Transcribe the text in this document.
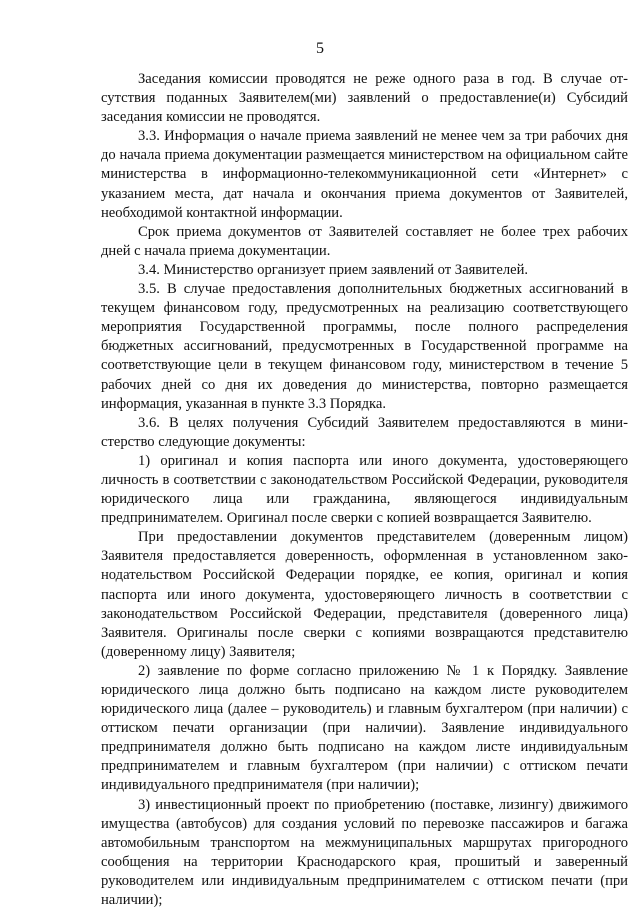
5

Заседания комиссии проводятся не реже одного раза в год. В случае отсутствия поданных Заявителем(ми) заявлений о предоставление(и) Субсидий заседания комиссии не проводятся.

3.3. Информация о начале приема заявлений не менее чем за три рабочих дня до начала приема документации размещается министерством на официальном сайте министерства в информационно-телекоммуникационной сети «Интернет» с указанием места, дат начала и окончания приема документов от Заявителей, необходимой контактной информации.

Срок приема документов от Заявителей составляет не более трех рабочих дней с начала приема документации.

3.4. Министерство организует прием заявлений от Заявителей.

3.5. В случае предоставления дополнительных бюджетных ассигнований в текущем финансовом году, предусмотренных на реализацию соответствующего мероприятия Государственной программы, после полного распределения бюджетных ассигнований, предусмотренных в Государственной программе на соответствующие цели в текущем финансовом году, министерством в течение 5 рабочих дней со дня их доведения до министерства, повторно размещается информация, указанная в пункте 3.3 Порядка.

3.6. В целях получения Субсидий Заявителем предоставляются в министерство следующие документы:

1) оригинал и копия паспорта или иного документа, удостоверяющего личность в соответствии с законодательством Российской Федерации, руководителя юридического лица или гражданина, являющегося индивидуальным предпринимателем. Оригинал после сверки с копией возвращается Заявителю.

При предоставлении документов представителем (доверенным лицом) Заявителя предоставляется доверенность, оформленная в установленном законодательством Российской Федерации порядке, ее копия, оригинал и копия паспорта или иного документа, удостоверяющего личность в соответствии с законодательством Российской Федерации, представителя (доверенного лица) Заявителя. Оригиналы после сверки с копиями возвращаются представителю (доверенному лицу) Заявителя;

2) заявление по форме согласно приложению № 1 к Порядку. Заявление юридического лица должно быть подписано на каждом листе руководителем юридического лица (далее – руководитель) и главным бухгалтером (при наличии) с оттиском печати организации (при наличии). Заявление индивидуального предпринимателя должно быть подписано на каждом листе индивидуальным предпринимателем и главным бухгалтером (при наличии) с оттиском печати индивидуального предпринимателя (при наличии);

3) инвестиционный проект по приобретению (поставке, лизингу) движимого имущества (автобусов) для создания условий по перевозке пассажиров и багажа автомобильным транспортом на межмуниципальных маршрутах пригородного сообщения на территории Краснодарского края, прошитый и заверенный руководителем или индивидуальным предпринимателем с оттиском печати (при наличии);
